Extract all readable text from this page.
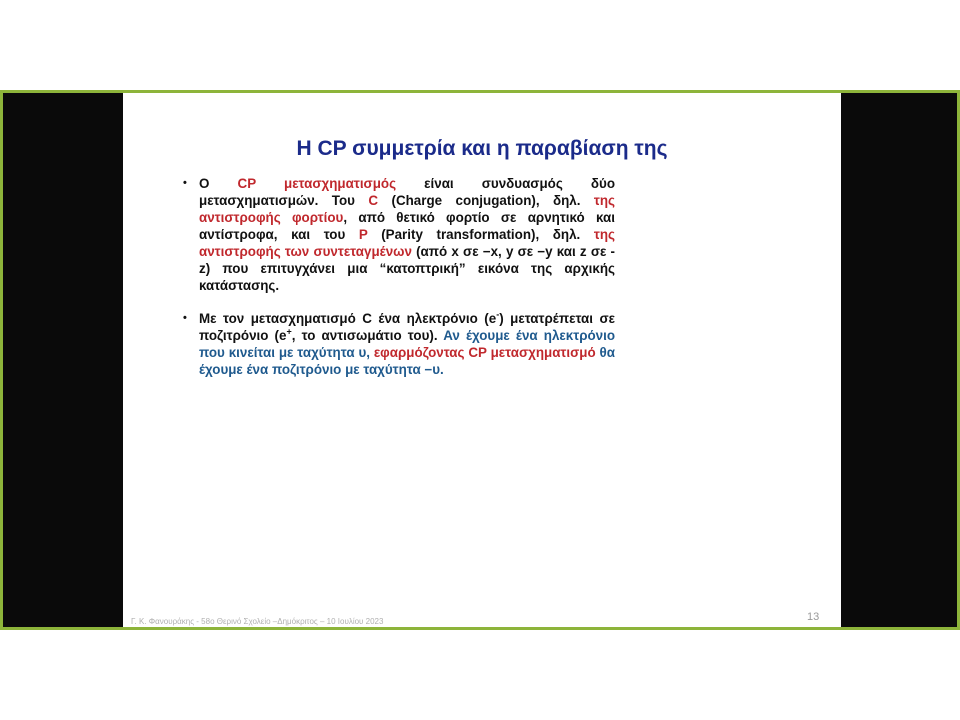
Η CP συμμετρία και η παραβίαση της
• Ο CP μετασχηματισμός είναι συνδυασμός δύο μετασχηματισμών. Του C (Charge conjugation), δηλ. της αντιστροφής φορτίου, από θετικό φορτίο σε αρνητικό και αντίστροφα, και του P (Parity transformation), δηλ. της αντιστροφής των συντεταγμένων (από x σε −x, y σε −y και z σε -z) που επιτυγχάνει μια “κατοπτρική” εικόνα της αρχικής κατάστασης.
• Με τον μετασχηματισμό C ένα ηλεκτρόνιο (e-) μετατρέπεται σε ποζιτρόνιο (e+, το αντισωμάτιο του). Αν έχουμε ένα ηλεκτρόνιο που κινείται με ταχύτητα υ, εφαρμόζοντας CP μετασχηματισμό θα έχουμε ένα ποζιτρόνιο με ταχύτητα −υ.
Γ. Κ. Φανουράκης - 58ο Θερινό Σχολείο –Δημόκριτος – 10 Ιουλίου 2023	13
